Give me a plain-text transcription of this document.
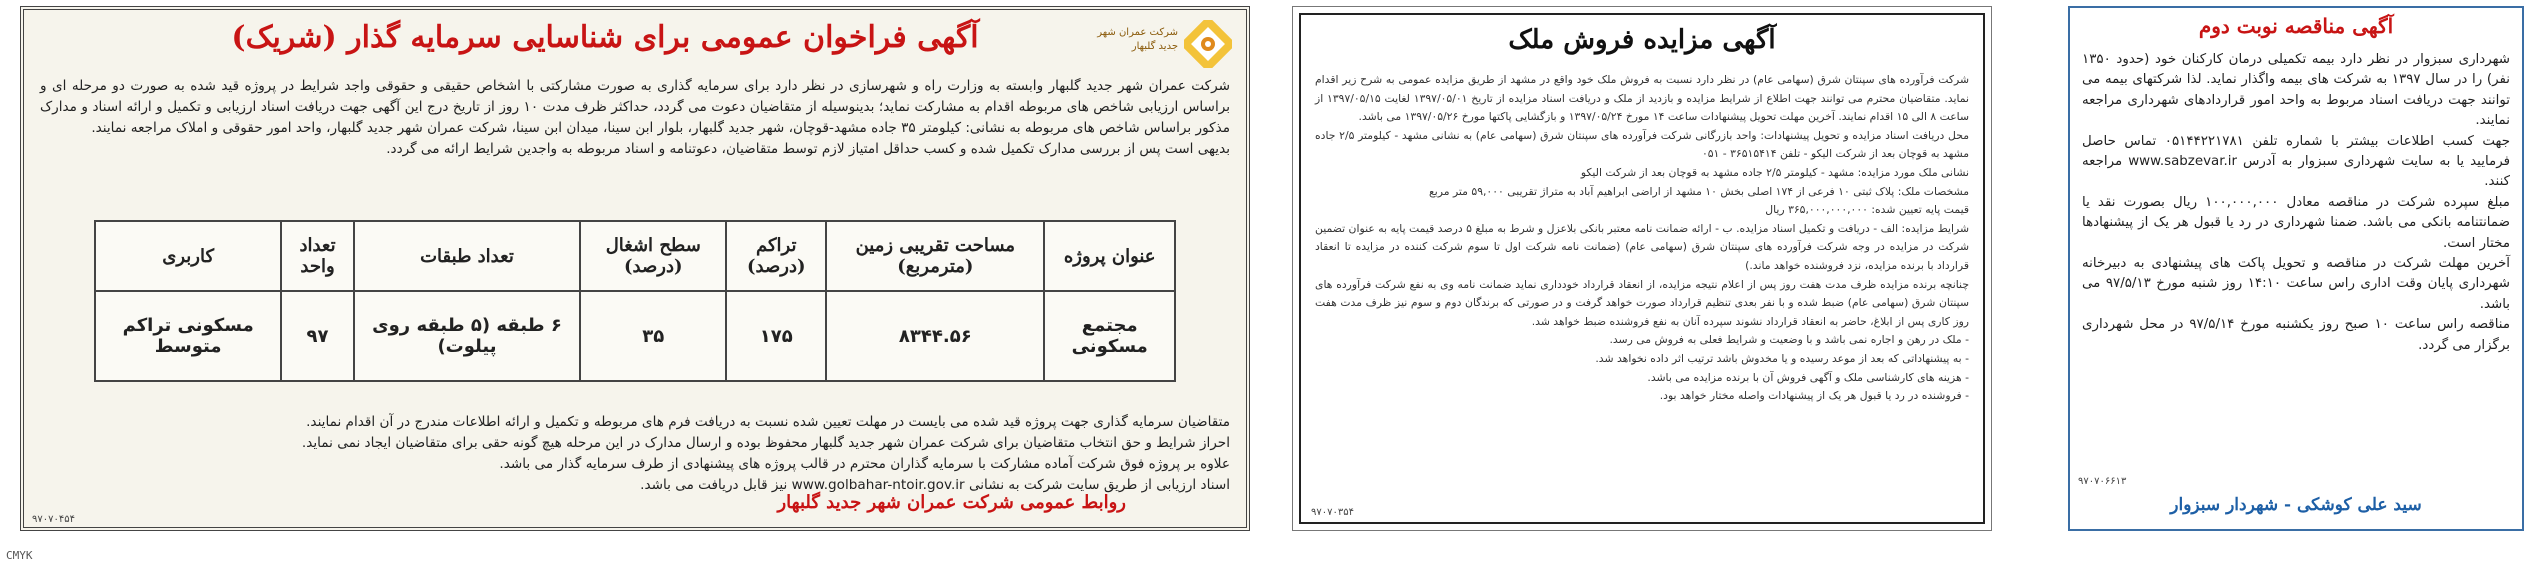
شرکت عمران شهر جدید گلبهار
آگهی فراخوان عمومی برای شناسایی سرمایه گذار (شریک)

شرکت عمران شهر جدید گلبهار وابسته به وزارت راه و شهرسازی در نظر دارد برای سرمایه گذاری به صورت مشارکتی با اشخاص حقیقی و حقوقی واجد شرایط در پروژه قید شده به صورت دو مرحله ای و براساس ارزیابی شاخص های مربوطه اقدام به مشارکت نماید؛ بدینوسیله از متقاضیان دعوت می گردد، حداکثر ظرف مدت ۱۰ روز از تاریخ درج این آگهی جهت دریافت اسناد ارزیابی و تکمیل و ارائه اسناد و مدارک مذکور براساس شاخص های مربوطه به نشانی: کیلومتر ۳۵ جاده مشهد-قوچان، شهر جدید گلبهار، بلوار ابن سینا، میدان ابن سینا، شرکت عمران شهر جدید گلبهار، واحد امور حقوقی و املاک مراجعه نمایند.

بدیهی است پس از بررسی مدارک تکمیل شده و کسب حداقل امتیاز لازم توسط متقاضیان، دعوتنامه و اسناد مربوطه به واجدین شرایط ارائه می گردد.

عنوان پروژه	مساحت تقریبی زمین (مترمربع)	تراکم (درصد)	سطح اشغال (درصد)	تعداد طبقات	تعداد واحد	کاربری
مجتمع مسکونی	۸۳۴۴.۵۶	۱۷۵	۳۵	۶ طبقه (۵ طبقه روی پیلوت)	۹۷	مسکونی تراکم متوسط

متقاضیان سرمایه گذاری جهت پروژه قید شده می بایست در مهلت تعیین شده نسبت به دریافت فرم های مربوطه و تکمیل و ارائه اطلاعات مندرج در آن اقدام نمایند.

احراز شرایط و حق انتخاب متقاضیان برای شرکت عمران شهر جدید گلبهار محفوظ بوده و ارسال مدارک در این مرحله هیچ گونه حقی برای متقاضیان ایجاد نمی نماید.

علاوه بر پروژه فوق شرکت آماده مشارکت با سرمایه گذاران محترم در قالب پروژه های پیشنهادی از طرف سرمایه گذار می باشد.

اسناد ارزیابی از طریق سایت شرکت به نشانی www.golbahar-ntoir.gov.ir نیز قابل دریافت می باشد.

روابط عمومی شرکت عمران شهر جدید گلبهار
۹۷۰۷۰۴۵۴
آگهی مزایده فروش ملک

شرکت فرآورده های سپنتان شرق (سهامی عام) در نظر دارد نسبت به فروش ملک خود واقع در مشهد از طریق مزایده عمومی به شرح زیر اقدام نماید. متقاضیان محترم می توانند جهت اطلاع از شرایط مزایده و بازدید از ملک و دریافت اسناد مزایده از تاریخ ۱۳۹۷/۰۵/۰۱ لغایت ۱۳۹۷/۰۵/۱۵ از ساعت ۸ الی ۱۵ اقدام نمایند. آخرین مهلت تحویل پیشنهادات ساعت ۱۴ مورخ ۱۳۹۷/۰۵/۲۴ و بازگشایی پاکتها مورخ ۱۳۹۷/۰۵/۲۶ می باشد.

محل دریافت اسناد مزایده و تحویل پیشنهادات: واحد بازرگانی شرکت فرآورده های سپنتان شرق (سهامی عام) به نشانی مشهد - کیلومتر ۲/۵ جاده مشهد به قوچان بعد از شرکت الیکو - تلفن ۳۶۵۱۵۴۱۴ - ۰۵۱

نشانی ملک مورد مزایده: مشهد - کیلومتر ۲/۵ جاده مشهد به قوچان بعد از شرکت الیکو

مشخصات ملک: پلاک ثبتی ۱۰ فرعی از ۱۷۴ اصلی بخش ۱۰ مشهد از اراضی ابراهیم آباد به متراژ تقریبی ۵۹,۰۰۰ متر مربع

قیمت پایه تعیین شده: ۳۶۵,۰۰۰,۰۰۰,۰۰۰ ریال

شرایط مزایده: الف - دریافت و تکمیل اسناد مزایده. ب - ارائه ضمانت نامه معتبر بانکی بلاعزل و شرط به مبلغ ۵ درصد قیمت پایه به عنوان تضمین شرکت در مزایده در وجه شرکت فرآورده های سپنتان شرق (سهامی عام) (ضمانت نامه شرکت اول تا سوم شرکت کننده در مزایده تا انعقاد قرارداد با برنده مزایده، نزد فروشنده خواهد ماند.)

چنانچه برنده مزایده ظرف مدت هفت روز پس از اعلام نتیجه مزایده، از انعقاد قرارداد خودداری نماید ضمانت نامه وی به نفع شرکت فرآورده های سپنتان شرق (سهامی عام) ضبط شده و با نفر بعدی تنظیم قرارداد صورت خواهد گرفت و در صورتی که برندگان دوم و سوم نیز ظرف مدت هفت روز کاری پس از ابلاغ، حاضر به انعقاد قرارداد نشوند سپرده آنان به نفع فروشنده ضبط خواهد شد.

- ملک در رهن و اجاره نمی باشد و با وضعیت و شرایط فعلی به فروش می رسد.

- به پیشنهاداتی که بعد از موعد رسیده و یا مخدوش باشد ترتیب اثر داده نخواهد شد.

- هزینه های کارشناسی ملک و آگهی فروش آن با برنده مزایده می باشد.

- فروشنده در رد یا قبول هر یک از پیشنهادات واصله مختار خواهد بود.

۹۷۰۷۰۳۵۴
آگهی مناقصه نوبت دوم

شهرداری سبزوار در نظر دارد بیمه تکمیلی درمان کارکنان خود (حدود ۱۳۵۰ نفر) را در سال ۱۳۹۷ به شرکت های بیمه واگذار نماید. لذا شرکتهای بیمه می توانند جهت دریافت اسناد مربوط به واحد امور قراردادهای شهرداری مراجعه نمایند.

جهت کسب اطلاعات بیشتر با شماره تلفن ۰۵۱۴۴۲۲۱۷۸۱ تماس حاصل فرمایید یا به سایت شهرداری سبزوار به آدرس www.sabzevar.ir مراجعه کنند.

مبلغ سپرده شرکت در مناقصه معادل ۱۰۰,۰۰۰,۰۰۰ ریال بصورت نقد یا ضمانتنامه بانکی می باشد. ضمنا شهرداری در رد یا قبول هر یک از پیشنهادها مختار است.

آخرین مهلت شرکت در مناقصه و تحویل پاکت های پیشنهادی به دبیرخانه شهرداری پایان وقت اداری راس ساعت ۱۴:۱۰ روز شنبه مورخ ۹۷/۵/۱۳ می باشد.

مناقصه راس ساعت ۱۰ صبح روز یکشنبه مورخ ۹۷/۵/۱۴ در محل شهرداری برگزار می گردد.

۹۷۰۷۰۶۶۱۳
سید علی کوشکی - شهردار سبزوار
CMYK
